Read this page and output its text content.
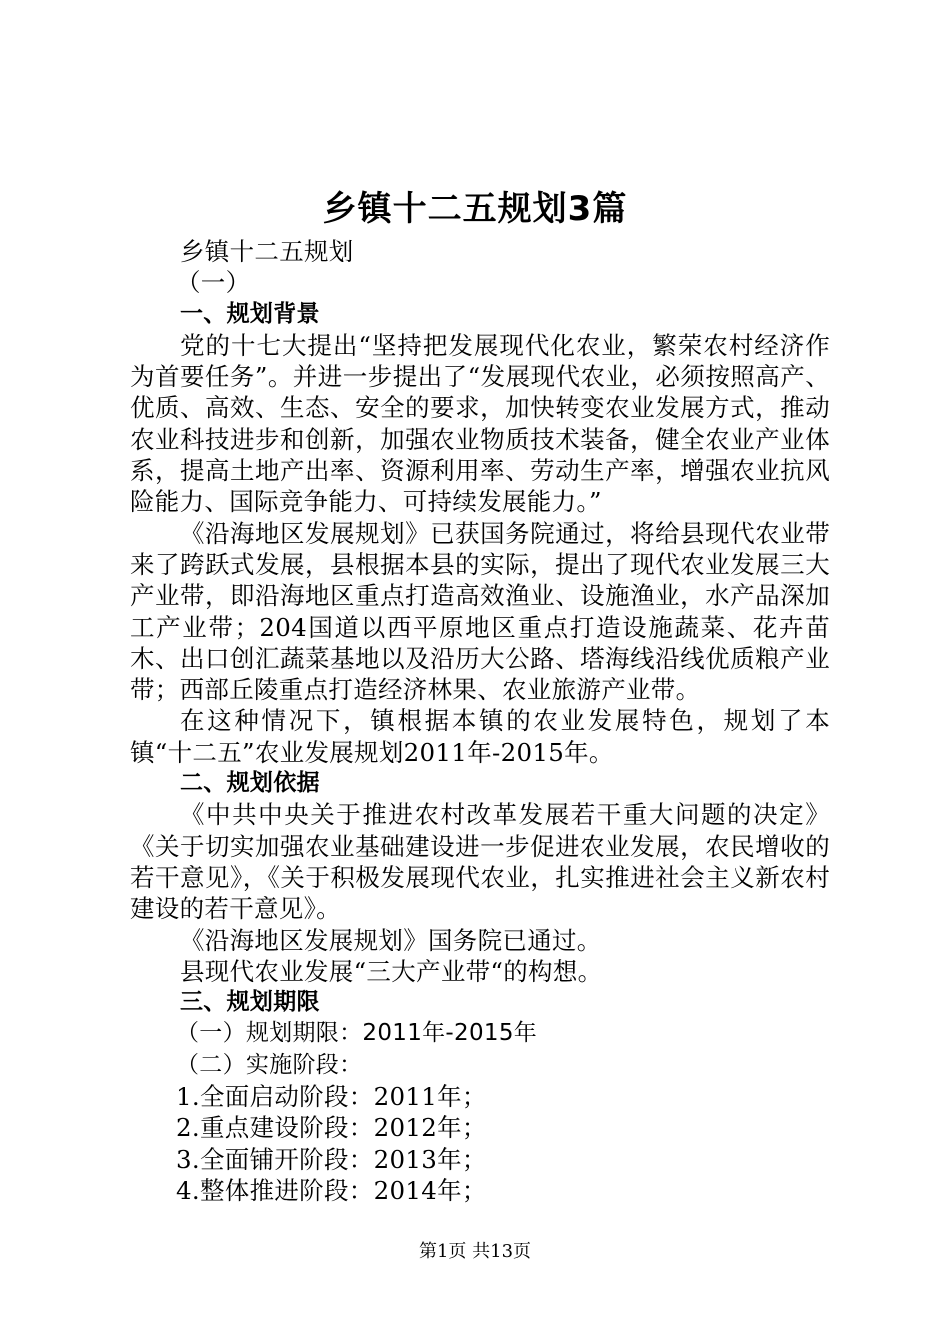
乡镇十二五规划3篇

乡镇十二五规划

（一）

一、规划背景

党的十七大提出“坚持把发展现代化农业，繁荣农村经济作为首要任务”。并进一步提出了“发展现代农业，必须按照高产、优质、高效、生态、安全的要求，加快转变农业发展方式，推动农业科技进步和创新，加强农业物质技术装备，健全农业产业体系，提高土地产出率、资源利用率、劳动生产率，增强农业抗风险能力、国际竞争能力、可持续发展能力。”

《沿海地区发展规划》已获国务院通过，将给县现代农业带来了跨跃式发展，县根据本县的实际，提出了现代农业发展三大产业带，即沿海地区重点打造高效渔业、设施渔业，水产品深加工产业带；204国道以西平原地区重点打造设施蔬菜、花卉苗木、出口创汇蔬菜基地以及沿历大公路、塔海线沿线优质粮产业带；西部丘陵重点打造经济林果、农业旅游产业带。

在这种情况下，镇根据本镇的农业发展特色，规划了本镇“十二五”农业发展规划2011年-2015年。

二、规划依据

《中共中央关于推进农村改革发展若干重大问题的决定》《关于切实加强农业基础建设进一步促进农业发展，农民增收的若干意见》，《关于积极发展现代农业，扎实推进社会主义新农村建设的若干意见》。

《沿海地区发展规划》国务院已通过。

县现代农业发展“三大产业带“的构想。

三、规划期限

（一）规划期限：2011年-2015年

（二）实施阶段：

1.全面启动阶段：2011年；

2.重点建设阶段：2012年；

3.全面铺开阶段：2013年；

4.整体推进阶段：2014年；

第1页 共13页
